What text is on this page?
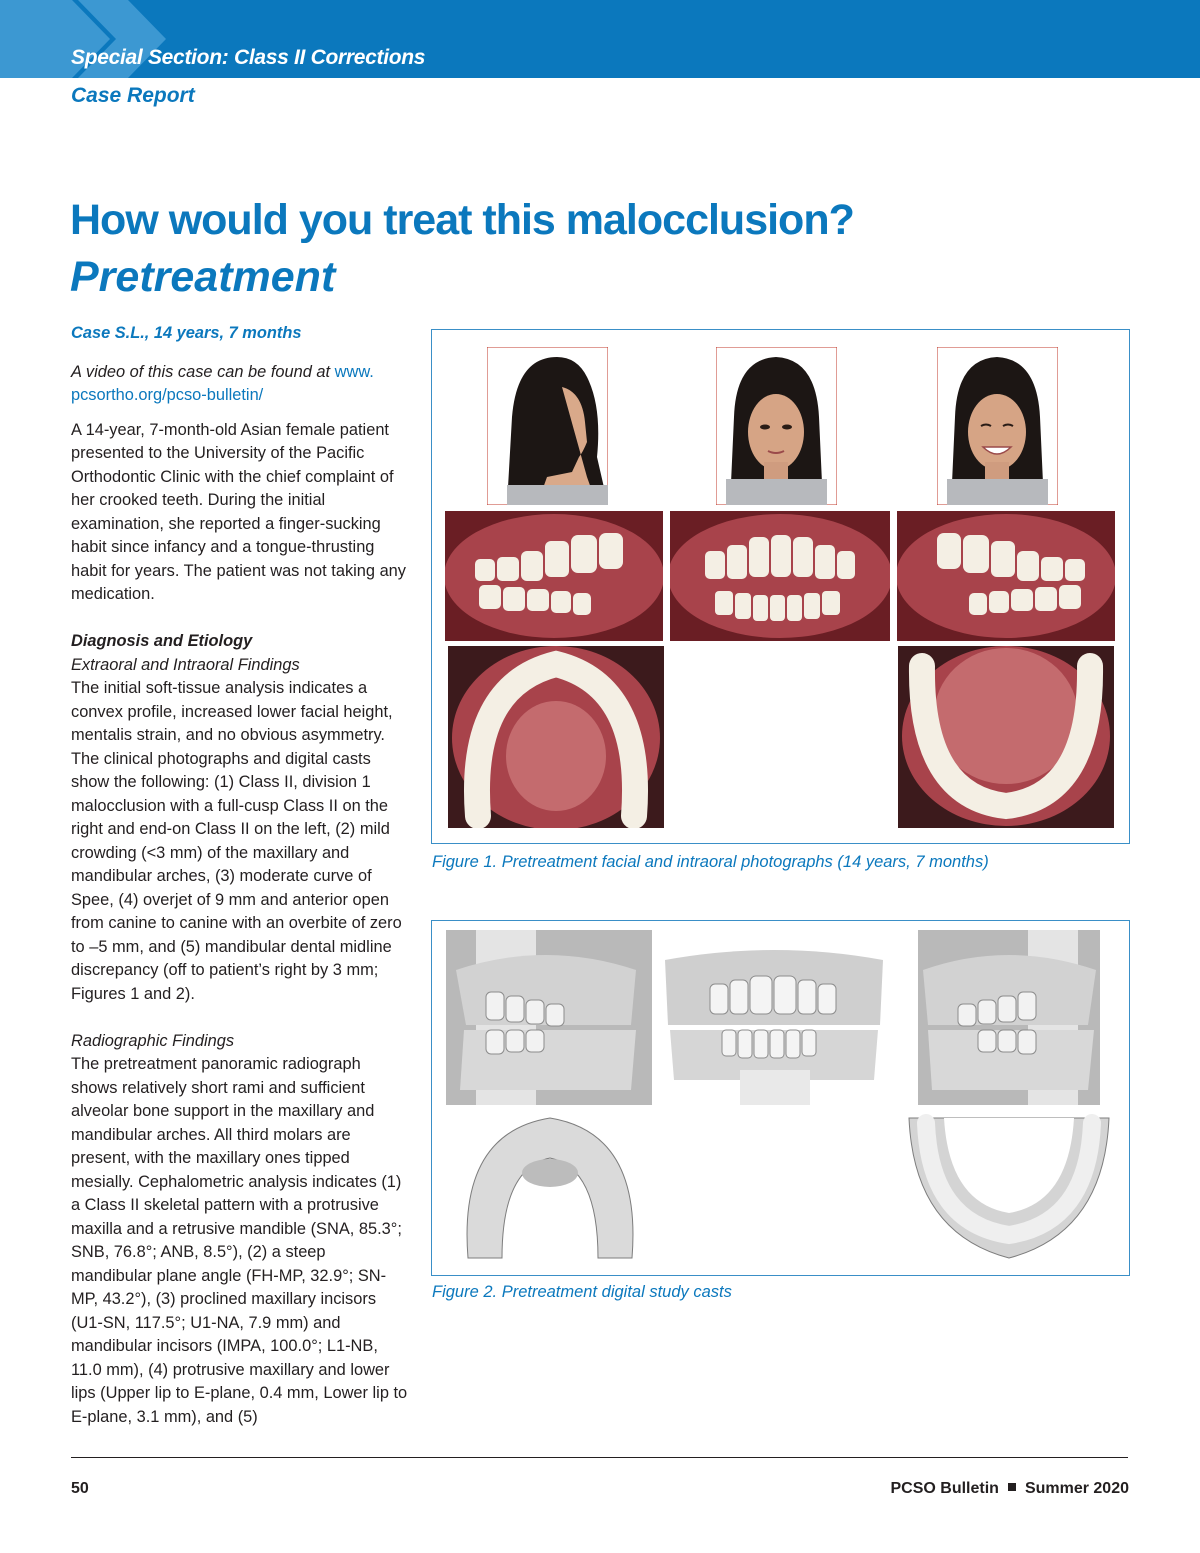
Special Section: Class II Corrections

Case Report

How would you treat this malocclusion?
Pretreatment

Case S.L., 14 years, 7 months

A video of this case can be found at www.
pcsortho.org/pcso-bulletin/

A 14-year, 7-month-old Asian female patient presented to the University of the Pacific Orthodontic Clinic with the chief complaint of her crooked teeth. During the initial examination, she reported a finger-sucking habit since infancy and a tongue-thrusting habit for years. The patient was not taking any medication.

Diagnosis and Etiology

Extraoral and Intraoral Findings

The initial soft-tissue analysis indicates a convex profile, increased lower facial height, mentalis strain, and no obvious asymmetry. The clinical photographs and digital casts show the following: (1) Class II, division 1 malocclusion with a full-cusp Class II on the right and end-on Class II on the left, (2) mild crowding (<3 mm) of the maxillary and mandibular arches, (3) moderate curve of Spee, (4) overjet of 9 mm and anterior open from canine to canine with an overbite of zero to –5 mm, and (5) mandibular dental midline discrepancy (off to patient’s right by 3 mm; Figures 1 and 2).

Radiographic Findings

The pretreatment panoramic radiograph shows relatively short rami and sufficient alveolar bone support in the maxillary and mandibular arches. All third molars are present, with the maxillary ones tipped mesially. Cephalometric analysis indicates (1) a Class II skeletal pattern with a protrusive maxilla and a retrusive mandible (SNA, 85.3°; SNB, 76.8°; ANB, 8.5°), (2) a steep mandibular plane angle (FH-MP, 32.9°; SN-MP, 43.2°), (3) proclined maxillary incisors (U1-SN, 117.5°; U1-NA, 7.9 mm) and mandibular incisors (IMPA, 100.0°; L1-NB, 11.0 mm), (4) protrusive maxillary and lower lips (Upper lip to E-plane, 0.4 mm, Lower lip to E-plane, 3.1 mm), and (5)

Figure 1. Pretreatment facial and intraoral photographs (14 years, 7 months)

Figure 2. Pretreatment digital study casts

50	PCSO Bulletin Summer 2020
